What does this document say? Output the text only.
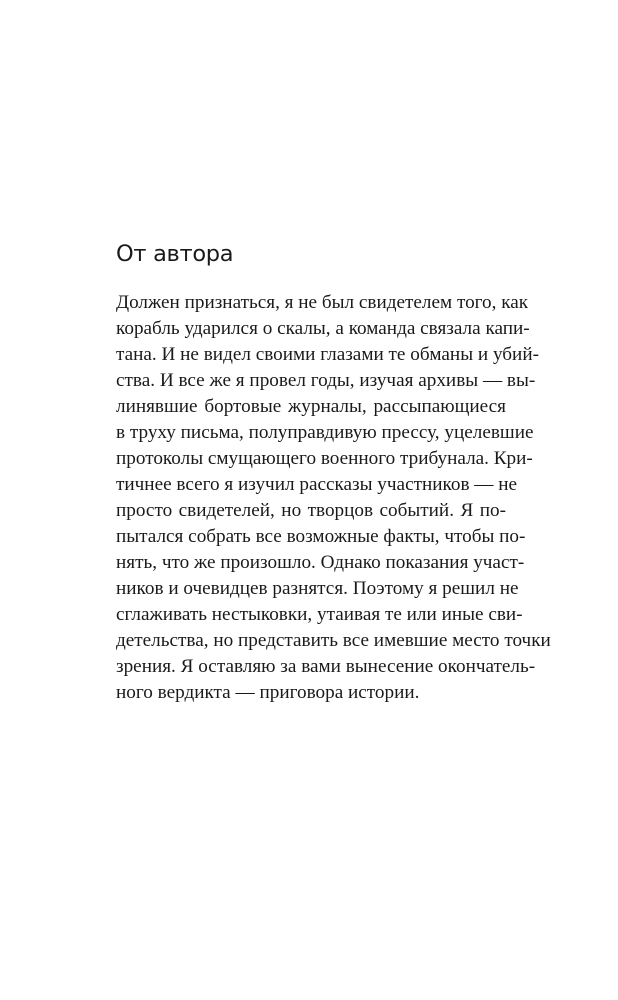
От автора
Должен признаться, я не был свидетелем того, как
корабль ударился о скалы, а команда связала капи-
тана. И не видел своими глазами те обманы и убий-
ства. И все же я провел годы, изучая архивы — вы-
линявшие бортовые журналы, рассыпающиеся
в труху письма, полуправдивую прессу, уцелевшие
протоколы смущающего военного трибунала. Кри-
тичнее всего я изучил рассказы участников — не
просто свидетелей, но творцов событий. Я по-
пытался собрать все возможные факты, чтобы по-
нять, что же произошло. Однако показания участ-
ников и очевидцев разнятся. Поэтому я решил не
сглаживать нестыковки, утаивая те или иные сви-
детельства, но представить все имевшие место точки
зрения. Я оставляю за вами вынесение окончатель-
ного вердикта — приговора истории.
